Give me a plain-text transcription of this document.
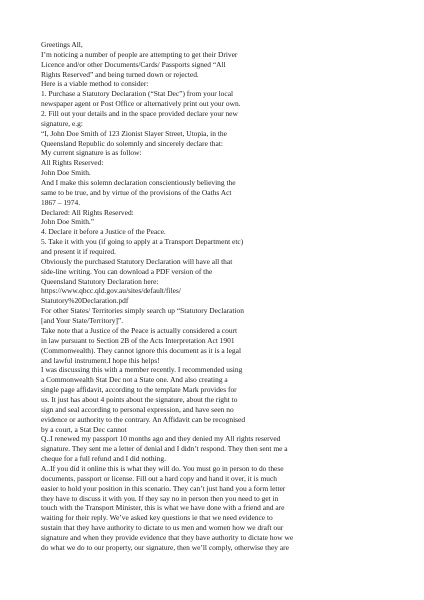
Greetings All,
I’m noticing a number of people are attempting to get their Driver
Licence and/or other Documents/Cards/ Passports signed “All
Rights Reserved” and being turned down or rejected.
Here is a viable method to consider:
1. Purchase a Statutory Declaration (“Stat Dec”) from your local
newspaper agent or Post Office or alternatively print out your own.
2. Fill out your details and in the space provided declare your new
signature, e.g:
“I, John Doe Smith of 123 Zionist Slayer Street, Utopia, in the
Queensland Republic do solemnly and sincerely declare that:
My current signature is as follow:
All Rights Reserved:
John Doe Smith.
And I make this solemn declaration conscientiously believing the
same to be true, and by virtue of the provisions of the Oaths Act
1867 – 1974.
Declared: All Rights Reserved:
John Doe Smith.”
4. Declare it before a Justice of the Peace.
5. Take it with you (if going to apply at a Transport Department etc)
and present it if required.
Obviously the purchased Statutory Declaration will have all that
side-line writing. You can download a PDF version of the
Queensland Statutory Declaration here:
https://www.qbcc.qld.gov.au/sites/default/files/
Statutory%20Declaration.pdf
For other States/ Territories simply search up “Statutory Declaration
[and Your State/Territory]”.
Take note that a Justice of the Peace is actually considered a court
in law pursuant to Section 2B of the Acts Interpretation Act 1901
(Commonwealth). They cannot ignore this document as it is a legal
and lawful instrument.I hope this helps!
I was discussing this with a member recently. I recommended using
a Commonwealth Stat Dec not a State one. And also creating a
single page affidavit, according to the template Mark provides for
us. It just has about 4 points about the signature, about the right to
sign and seal according to personal expression, and have seen no
evidence or authority to the contrary. An Affidavit can be recognised
by a court, a Stat Dec cannot
Q..I renewed my passport 10 months ago and they denied my All rights reserved
signature. They sent me a letter of denial and I didn’t respond. They then sent me a
cheque for a full refund and I did nothing.
A..If you did it online this is what they will do. You must go in person to do these
documents, passport or license. Fill out a hard copy and hand it over, it is much
easier to hold your position in this scenario. They can’t just hand you a form letter
they have to discuss it with you. If they say no in person then you need to get in
touch with the Transport Minister, this is what we have done with a friend and are
waiting for their reply. We’ve asked key questions ie that we need evidence to
sustain that they have authority to dictate to us men and women how we draft our
signature and when they provide evidence that they have authority to dictate how we
do what we do to our property, our signature, then we’ll comply, otherwise they are
